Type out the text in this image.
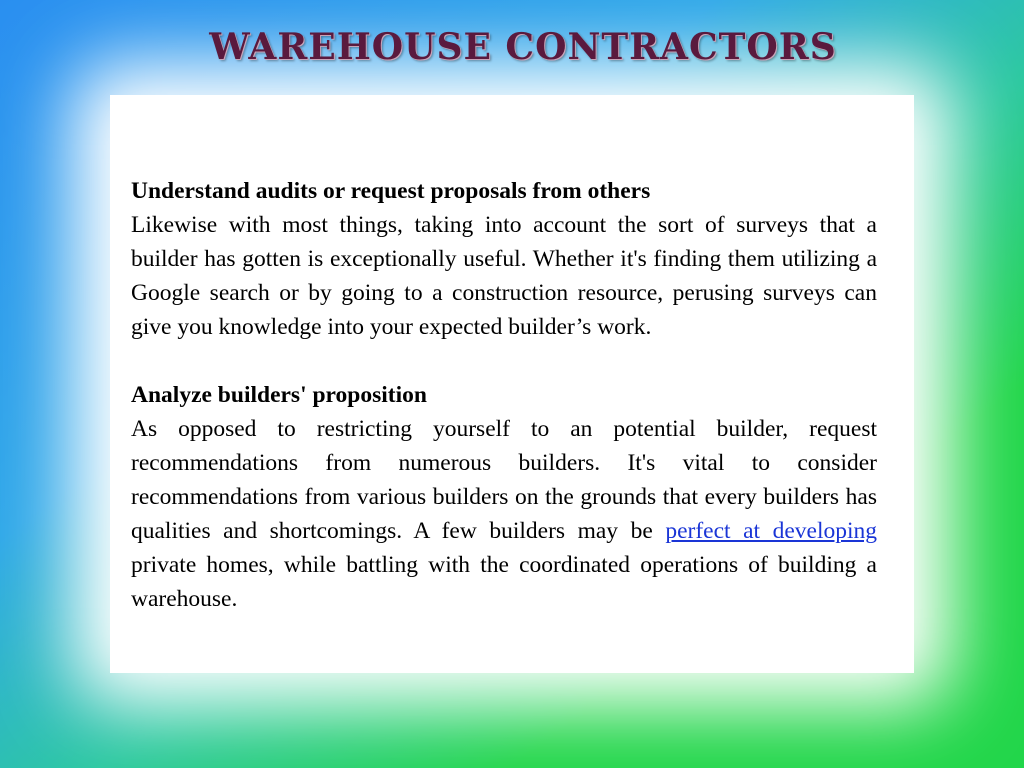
WAREHOUSE CONTRACTORS
Understand audits or request proposals from others

Likewise with most things, taking into account the sort of surveys that a builder has gotten is exceptionally useful. Whether it's finding them utilizing a Google search or by going to a construction resource, perusing surveys can give you knowledge into your expected builder’s work.

Analyze builders' proposition

As opposed to restricting yourself to an potential builder, request recommendations from numerous builders. It's vital to consider recommendations from various builders on the grounds that every builders has qualities and shortcomings. A few builders may be perfect at developing private homes, while battling with the coordinated operations of building a warehouse.
